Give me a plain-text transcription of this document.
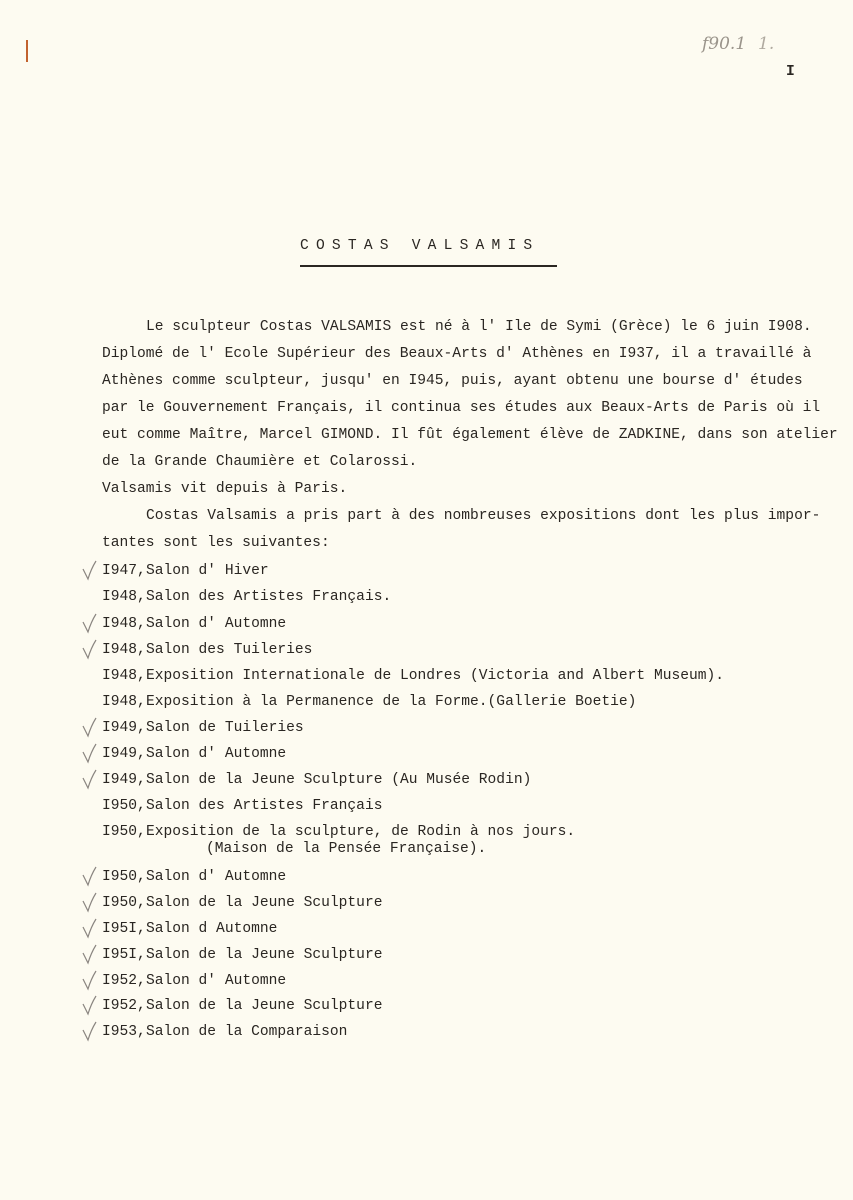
f90.1 1.
I
COSTAS VALSAMIS
Le sculpteur Costas VALSAMIS est né à l' Ile de Symi (Grèce) le 6 juin I908.
Diplomé de l' Ecole Supérieur des Beaux-Arts d' Athènes en I937, il a travaillé à
Athènes comme sculpteur, jusqu' en I945, puis, ayant obtenu une bourse d' études
par le Gouvernement Français, il continua ses études aux Beaux-Arts de Paris où il
eut comme Maître, Marcel GIMOND. Il fût également élève de ZADKINE, dans son atelier
de la Grande Chaumière et Colarossi.
Valsamis vit depuis à Paris.
Costas Valsamis a pris part à des nombreuses expositions dont les plus impor-
tantes sont les suivantes:
I947,Salon d' Hiver
I948,Salon des Artistes Français.
I948,Salon d' Automne
I948,Salon des Tuileries
I948,Exposition Internationale de Londres (Victoria and Albert Museum).
I948,Exposition à la Permanence de la Forme.(Gallerie Boetie)
I949,Salon de Tuileries
I949,Salon d' Automne
I949,Salon de la Jeune Sculpture (Au Musée Rodin)
I950,Salon des Artistes Français
I950,Exposition de la sculpture, de Rodin à nos jours.
(Maison de la Pensée Française).
I950,Salon d' Automne
I950,Salon de la Jeune Sculpture
I95I,Salon d Automne
I95I,Salon de la Jeune Sculpture
I952,Salon d' Automne
I952,Salon de la Jeune Sculpture
I953,Salon de la Comparaison
